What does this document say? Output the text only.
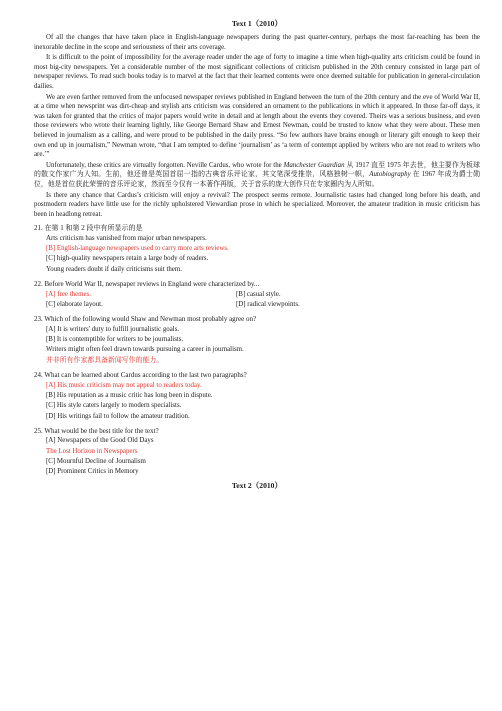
Text 1（2010）

Of all the changes that have taken place in English-language newspapers during the past quarter-century, perhaps the most far-reaching has been the inexorable decline in the scope and seriousness of their arts coverage.

It is difficult to the point of impossibility for the average reader under the age of forty to imagine a time when high-quality arts criticism could be found in most big-city newspapers. Yet a considerable number of the most significant collections of criticism published in the 20th century consisted in large part of newspaper reviews. To read such books today is to marvel at the fact that their learned contents were once deemed suitable for publication in general-circulation dailies.

We are even farther removed from the unfocused newspaper reviews published in England between the turn of the 20th century and the eve of World War II, at a time when newsprint was dirt-cheap and stylish arts criticism was considered an ornament to the publications in which it appeared. In those far-off days, it was taken for granted that the critics of major papers would write in detail and at length about the events they covered. Theirs was a serious business, and even those reviewers who wrote their learning lightly, like George Bernard Shaw and Ernest Newman, could be trusted to know what they were about. These men believed in journalism as a calling, and were proud to be published in the daily press. “So few authors have brains enough or literary gift enough to keep their own end up in journalism,” Newman wrote, “that I am tempted to define ‘journalism’ as ‘a term of contempt applied by writers who are not read to writers who are.’”

Unfortunately, these critics are virtually forgotten. Neville Cardus, who wrote for the Manchester Guardian 从 1917 直至 1975 年去世，他主要作为板球的散文作家广为人知。生前，他还曾是英国首屈一指的古典音乐评论家，其文笔深受推崇，风格独树一帜，Autobiography 在 1967 年成为爵士勋位，他是首位获此荣誉的音乐评论家，然而至今仅有一本著作再版，关于音乐的庞大创作只在专家圈内为人所知。

Is there any chance that Cardus’s criticism will enjoy a revival? The prospect seems remote. Journalistic tastes had changed long before his death, and postmodern readers have little use for the richly upholstered Viewardian prose in which he specialized. Moreover, the amateur tradition in music criticism has been in headlong retreat.

21. 在第 1 和第 2 段中有所显示的是
Arts criticism has vanished from major urban newspapers.
[B] English-language newspapers used to carry more arts reviews.
[C] high-quality newspapers retain a large body of readers.
Young readers doubt if daily criticisms suit them.
22. Before World War II, newspaper reviews in England were characterized by...
[A] free themes.	[B] casual style.
[C] elaborate layout.	[D] radical viewpoints.
23. Which of the following would Shaw and Newman most probably agree on?
[A] It is writers' duty to fulfill journalistic goals.
[B] It is contemptible for writers to be journalists.
Writers might often feel drawn towards pursuing a career in journalism.
并非所有作家都具备新闻写作的能力。
24. What can be learned about Cardus according to the last two paragraphs?
[A] His music criticism may not appeal to readers today.
[B] His reputation as a music critic has long been in dispute.
[C] His style caters largely to modern specialists.
[D] His writings fail to follow the amateur tradition.
25. What would be the best title for the text?
[A] Newspapers of the Good Old Days
The Lost Horizon in Newspapers
[C] Mournful Decline of Journalism
[D] Prominent Critics in Memory
Text 2（2010）
